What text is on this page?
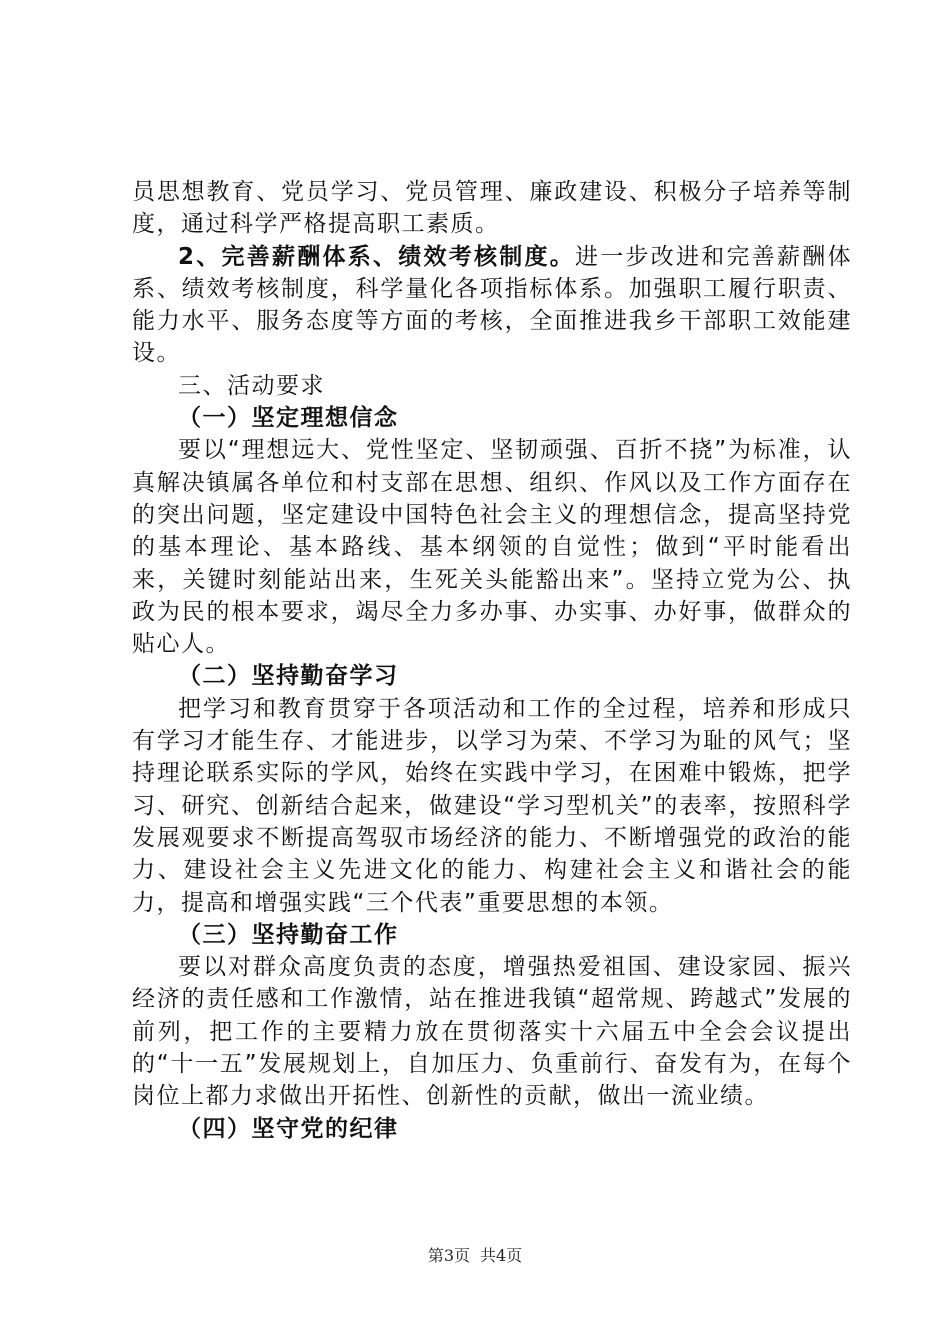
员思想教育、党员学习、党员管理、廉政建设、积极分子培养等制度，通过科学严格提高职工素质。

2、完善薪酬体系、绩效考核制度。进一步改进和完善薪酬体系、绩效考核制度，科学量化各项指标体系。加强职工履行职责、能力水平、服务态度等方面的考核，全面推进我乡干部职工效能建设。

三、活动要求

（一）坚定理想信念

要以“理想远大、党性坚定、坚韧顽强、百折不挠”为标准，认真解决镇属各单位和村支部在思想、组织、作风以及工作方面存在的突出问题，坚定建设中国特色社会主义的理想信念，提高坚持党的基本理论、基本路线、基本纲领的自觉性；做到“平时能看出来，关键时刻能站出来，生死关头能豁出来”。坚持立党为公、执政为民的根本要求，竭尽全力多办事、办实事、办好事，做群众的贴心人。

（二）坚持勤奋学习

把学习和教育贯穿于各项活动和工作的全过程，培养和形成只有学习才能生存、才能进步，以学习为荣、不学习为耻的风气；坚持理论联系实际的学风，始终在实践中学习，在困难中锻炼，把学习、研究、创新结合起来，做建设“学习型机关”的表率，按照科学发展观要求不断提高驾驭市场经济的能力、不断增强党的政治的能力、建设社会主义先进文化的能力、构建社会主义和谐社会的能力，提高和增强实践“三个代表”重要思想的本领。

（三）坚持勤奋工作

要以对群众高度负责的态度，增强热爱祖国、建设家园、振兴经济的责任感和工作激情，站在推进我镇“超常规、跨越式”发展的前列，把工作的主要精力放在贯彻落实十六届五中全会会议提出的“十一五”发展规划上，自加压力、负重前行、奋发有为，在每个岗位上都力求做出开拓性、创新性的贡献，做出一流业绩。

（四）坚守党的纪律

第3页 共4页
